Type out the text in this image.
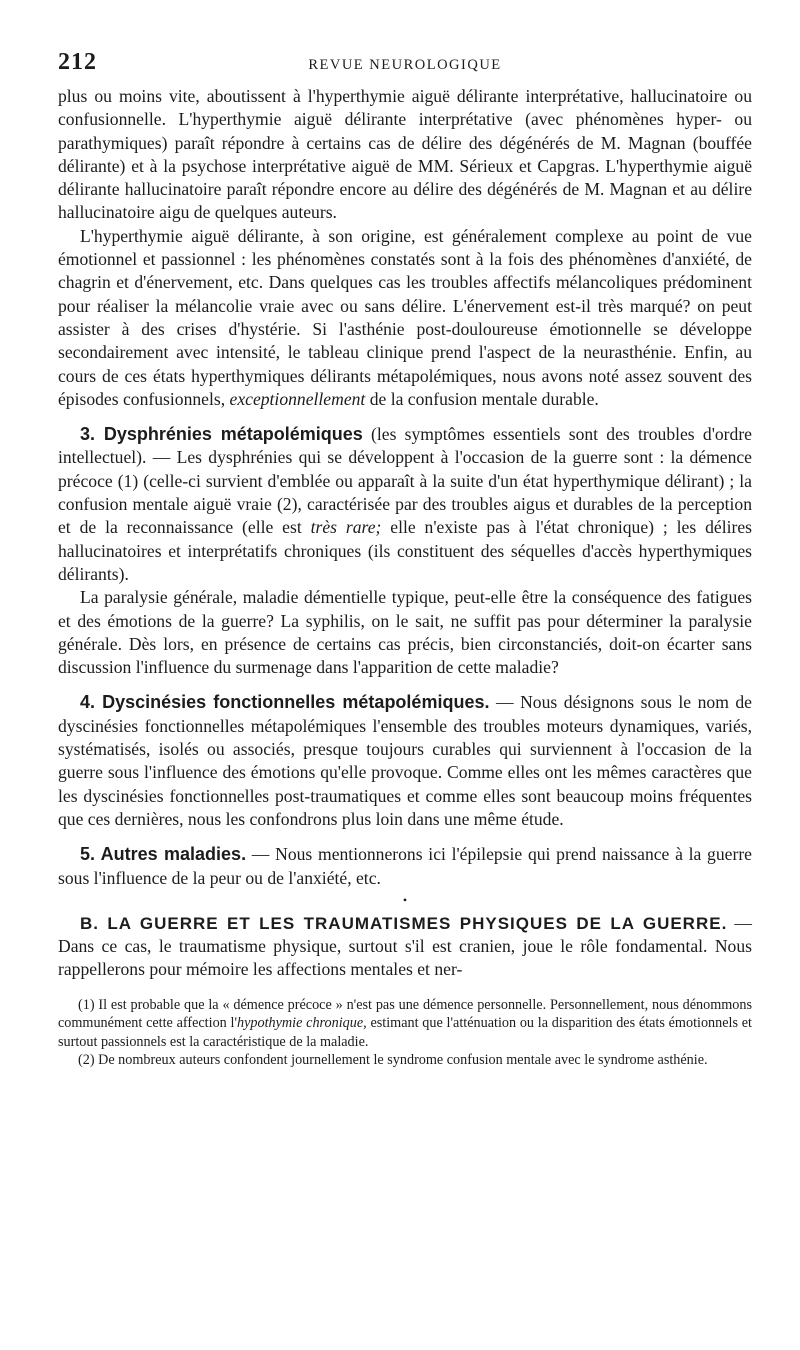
212	REVUE NEUROLOGIQUE

plus ou moins vite, aboutissent à l'hyperthymie aiguë délirante interprétative, hallucinatoire ou confusionnelle. L'hyperthymie aiguë délirante interprétative (avec phénomènes hyper- ou parathymiques) paraît répondre à certains cas de délire des dégénérés de M. Magnan (bouffée délirante) et à la psychose interprétative aiguë de MM. Sérieux et Capgras. L'hyperthymie aiguë délirante hallucinatoire paraît répondre encore au délire des dégénérés de M. Magnan et au délire hallucinatoire aigu de quelques auteurs.

L'hyperthymie aiguë délirante, à son origine, est généralement complexe au point de vue émotionnel et passionnel : les phénomènes constatés sont à la fois des phénomènes d'anxiété, de chagrin et d'énervement, etc. Dans quelques cas les troubles affectifs mélancoliques prédominent pour réaliser la mélancolie vraie avec ou sans délire. L'énervement est-il très marqué? on peut assister à des crises d'hystérie. Si l'asthénie post-douloureuse émotionnelle se développe secondairement avec intensité, le tableau clinique prend l'aspect de la neurasthénie. Enfin, au cours de ces états hyperthymiques délirants métapolémiques, nous avons noté assez souvent des épisodes confusionnels, exceptionnellement de la confusion mentale durable.

3. Dysphrénies métapolémiques (les symptômes essentiels sont des troubles d'ordre intellectuel). — Les dysphrénies qui se développent à l'occasion de la guerre sont : la démence précoce (1) (celle-ci survient d'emblée ou apparaît à la suite d'un état hyperthymique délirant) ; la confusion mentale aiguë vraie (2), caractérisée par des troubles aigus et durables de la perception et de la reconnaissance (elle est très rare; elle n'existe pas à l'état chronique) ; les délires hallucinatoires et interprétatifs chroniques (ils constituent des séquelles d'accès hyperthymiques délirants).

La paralysie générale, maladie démentielle typique, peut-elle être la conséquence des fatigues et des émotions de la guerre? La syphilis, on le sait, ne suffit pas pour déterminer la paralysie générale. Dès lors, en présence de certains cas précis, bien circonstanciés, doit-on écarter sans discussion l'influence du surmenage dans l'apparition de cette maladie?

4. Dyscinésies fonctionnelles métapolémiques. — Nous désignons sous le nom de dyscinésies fonctionnelles métapolémiques l'ensemble des troubles moteurs dynamiques, variés, systématisés, isolés ou associés, presque toujours curables qui surviennent à l'occasion de la guerre sous l'influence des émotions qu'elle provoque. Comme elles ont les mêmes caractères que les dyscinésies fonctionnelles post-traumatiques et comme elles sont beaucoup moins fréquentes que ces dernières, nous les confondrons plus loin dans une même étude.

5. Autres maladies. — Nous mentionnerons ici l'épilepsie qui prend naissance à la guerre sous l'influence de la peur ou de l'anxiété, etc.

•

B. LA GUERRE ET LES TRAUMATISMES PHYSIQUES DE LA GUERRE. — Dans ce cas, le traumatisme physique, surtout s'il est cranien, joue le rôle fondamental. Nous rappellerons pour mémoire les affections mentales et ner-

(1) Il est probable que la « démence précoce » n'est pas une démence personnelle. Personnellement, nous dénommons communément cette affection l'hypothymie chronique, estimant que l'atténuation ou la disparition des états émotionnels et surtout passionnels est la caractéristique de la maladie.

(2) De nombreux auteurs confondent journellement le syndrome confusion mentale avec le syndrome asthénie.
